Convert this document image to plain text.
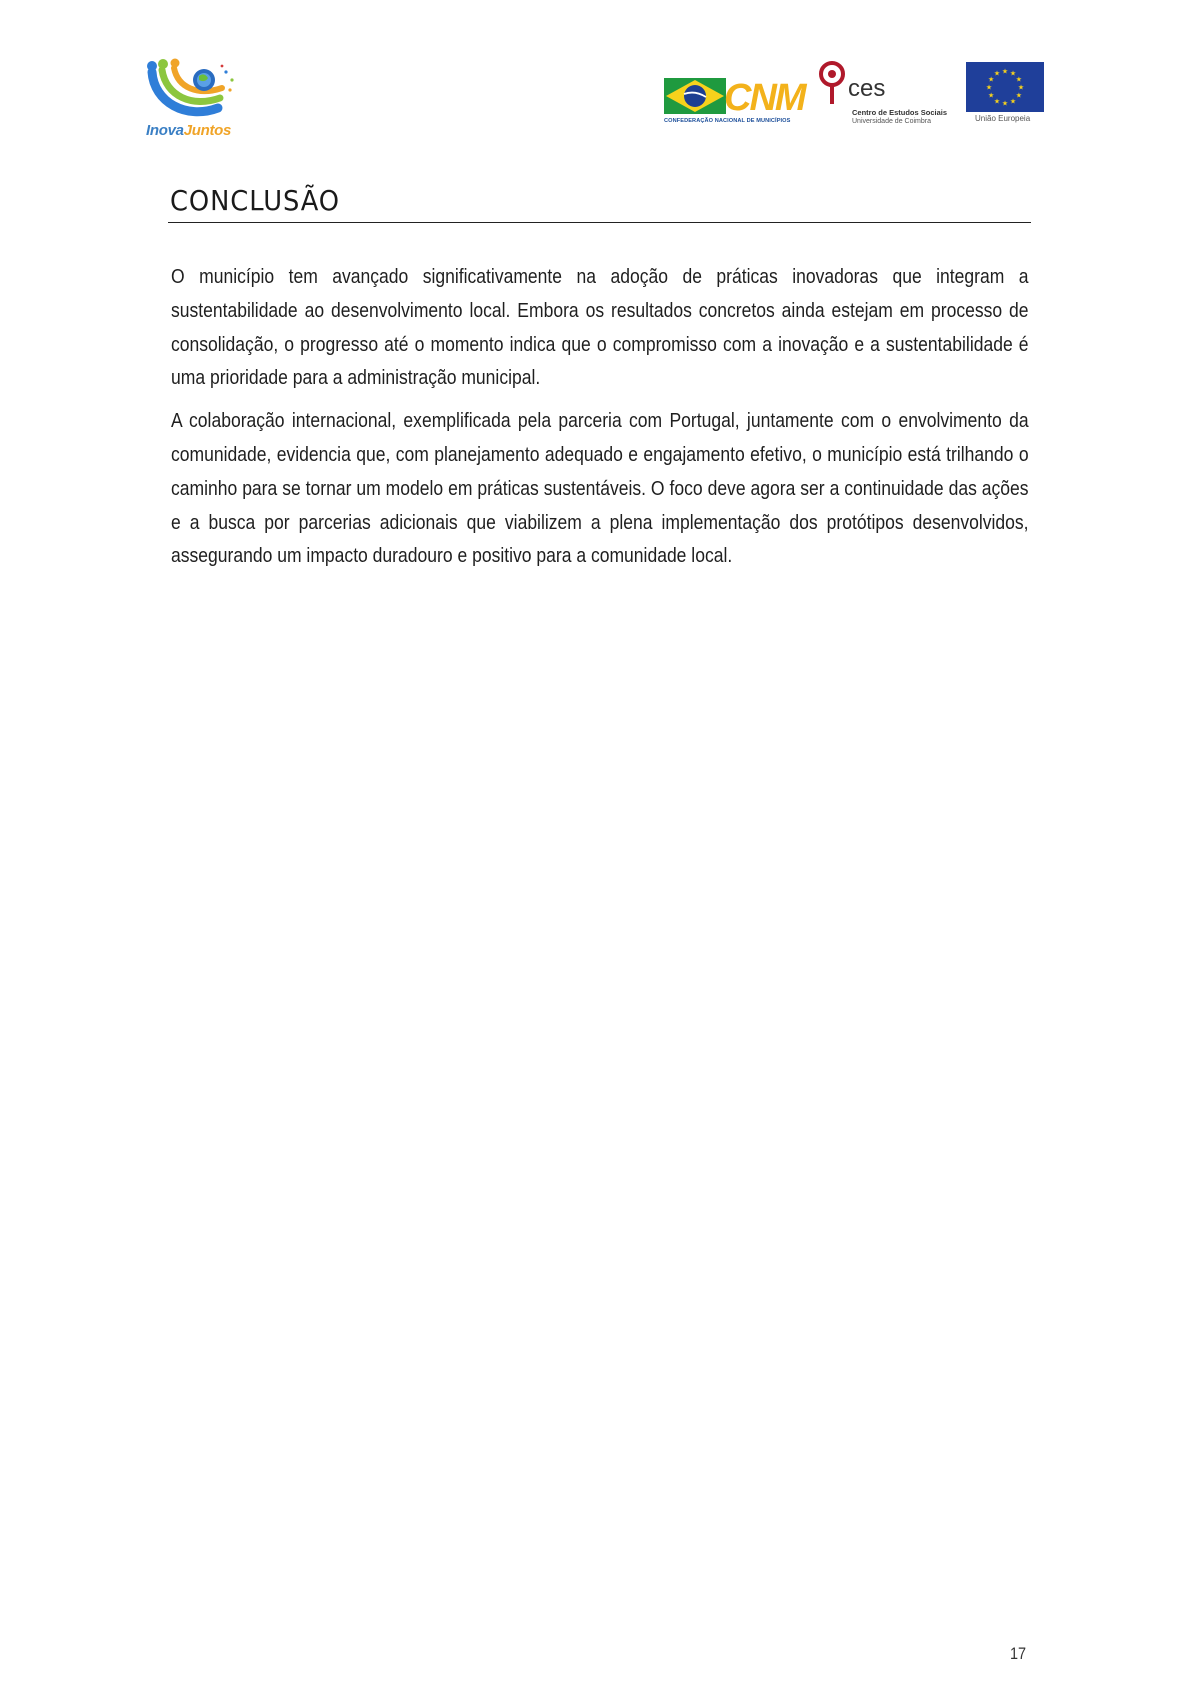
InovaJuntos
CNM
CONFEDERAÇÃO NACIONAL DE MUNICÍPIOS
ces
Centro de Estudos Sociais
Universidade de Coimbra
★ ★
★
★
★
★
★
★
★
★
★
★
União Europeia
CONCLUSÃO

O município tem avançado significativamente na adoção de práticas inovadoras que integram a sustentabilidade ao desenvolvimento local. Embora os resultados concretos ainda estejam em processo de consolidação, o progresso até o momento indica que o compromisso com a inovação e a sustentabilidade é uma prioridade para a administração municipal.

A colaboração internacional, exemplificada pela parceria com Portugal, juntamente com o envolvimento da comunidade, evidencia que, com planejamento adequado e engajamento efetivo, o município está trilhando o caminho para se tornar um modelo em práticas sustentáveis. O foco deve agora ser a continuidade das ações e a busca por parcerias adicionais que viabilizem a plena implementação dos protótipos desenvolvidos, assegurando um impacto duradouro e positivo para a comunidade local.

17
